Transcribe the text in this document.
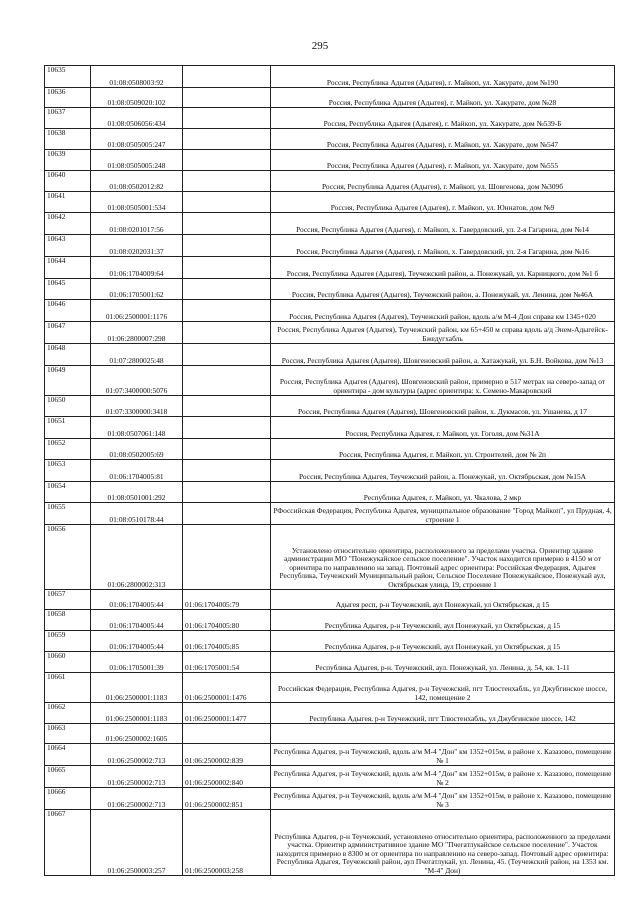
295
10635	01:08:0508003:92		Россия, Республика Адыгея (Адыгея), г. Майкоп, ул. Хакурате, дом №190
10636	01:08:0509020:102		Россия, Республика Адыгея (Адыгея), г. Майкоп, ул. Хакурате, дом №28
10637	01:08:0506056:434		Россия, Республика Адыгея (Адыгея), г. Майкоп, ул. Хакурате, дом №539-Б
10638	01:08:0505005:247		Россия, Республика Адыгея (Адыгея), г. Майкоп, ул. Хакурате, дом №547
10639	01:08:0505005:248		Россия, Республика Адыгея (Адыгея), г. Майкоп, ул. Хакурате, дом №555
10640	01:08:0502012:82		Россия, Республика Адыгея (Адыгея), г. Майкоп, ул. Шовгенова, дом №309б
10641	01:08:0505001:534		Россия, Республика Адыгея (Адыгея), г. Майкоп, ул. Юннатов, дом №9
10642	01:08:0201017:56		Россия, Республика Адыгея (Адыгея), г. Майкоп, х. Гавердовский, ул. 2-я Гагарина, дом №14
10643	01:08:0202031:37		Россия, Республика Адыгея (Адыгея), г. Майкоп, х. Гавердовский, ул. 2-я Гагарина, дом №16
10644	01:06:1704009:64		Россия, Республика Адыгея (Адыгея), Теучежский район, а. Понежукай, ул. Карницкого, дом №1 б
10645	01:06:1705001:62		Россия, Республика Адыгея (Адыгея), Теучежский район, а. Понежукай, ул. Ленина, дом №46А
10646	01:06:2500001:1176		Россия, Республика Адыгея (Адыгея), Теучежский район, вдоль а/м М-4 Дон справа км 1345+020
10647	01:06:2800007:298		Россия, Республика Адыгея (Адыгея), Теучежский район, км 65+450 м справа вдоль а/д Энем-Адыгейск-Бжедугхабль
10648	01:07:2800025:48		Россия, Республика Адыгея (Адыгея), Шовгеновский район, а. Хатажукай, ул. Б.Н. Войкова, дом №13
10649	01:07:3400000:5076		Россия, Республика Адыгея (Адыгея), Шовгеновский район, примерно в 517 метрах на северо-запад от ориентира - дом культуры (адрес ориентира: х. Семено-Макаровский
10650	01:07:3300000:3418		Россия, Республика Адыгея (Адыгея), Шовгеновский район, х. Дукмасов, ул. Ушанева, д 17
10651	01:08:0507061:148		Россия, Республика Адыгея, г. Майкоп, ул. Гоголя, дом №31А
10652	01:08:0502005:69		Россия, Республика Адыгея, г. Майкоп, ул. Строителей, дом № 2п
10653	01:06:1704005:81		Россия, Республика Адыгея, Теучежский район, а. Понежукай, ул. Октябрьская, дом №15А
10654	01:08:0501001:292		Республика Адыгея, г. Майкоп, ул. Чкалова, 2 мкр
10655	01:08:0510178:44		РФоссийская Федерация, Республика Адыгея, муниципальное образование "Город Майкоп", ул Прудная, 4, строение 1
10656	01:06:2800002:313		Установлено относительно ориентира, расположенного за пределами участка. Ориентир здание администрации МО "Понежукайское сельское поселение". Участок находится примерно в 4150 м от ориентира по направлению на запад. Почтовый адрес ориентира: Российская Федерация, Адыгея Республика, Теучежский Муниципальный район, Сельское Поселение Понежукайское, Понежукай аул, Октябрьская улица, 19, строение 1
10657	01:06:1704005:44	01:06:1704005:79	Адыгея респ, р-н Теучежский, аул Понежукай, ул Октябрьская, д 15
10658	01:06:1704005:44	01:06:1704005:80	Республика Адыгея, р-н Теучежский, аул Понежукай, ул Октябрьская, д 15
10659	01:06:1704005:44	01:06:1704005:85	Республика Адыгея, р-н Теучежский, аул Понежукай, ул Октябрьская, д 15
10660	01:06:1705001:39	01:06:1705001:54	Республика Адыгея, р-н. Теучежский, аул. Понежукай, ул. Ленина, д. 54, кв. 1-11
10661	01:06:2500001:1183	01:06:2500001:1476	Российская Федерация, Республика Адыгея, р-н Теучежский, пгт Тлюстенхабль, ул Джубгинское шоссе, 142, помещение 2
10662	01:06:2500001:1183	01:06:2500001:1477	Республика Адыгея, р-н Теучежский, пгт Тлюстенхабль, ул Джубгинское шоссе, 142
10663	01:06:2500002:1605		
10664	01:06:2500002:713	01:06:2500002:839	Республика Адыгея, р-н Теучежский, вдоль а/м М-4 "Дон" км 1352+015м, в районе х. Казазово, помещение № 1
10665	01:06:2500002:713	01:06:2500002:840	Республика Адыгея, р-н Теучежский, вдоль а/м М-4 "Дон" км 1352+015м, в районе х. Казазово, помещение № 2
10666	01:06:2500002:713	01:06:2500002:851	Республика Адыгея, р-н Теучежский, вдоль а/м М-4 "Дон" км 1352+015м, в районе х. Казазово, помещение № 3
10667	01:06:2500003:257	01:06:2500003:258	Республика Адыгея, р-н Теучежский, установлено относительно ориентира, расположенного за пределами участка. Ориентир административное здание МО "Пчегатлукайское сельское поселение". Участок находится примерно в 8300 м от ориентира по направлению на северо-запад. Почтовый адрес ориентира: Республика Адыгея, Теучежский район, аул Пчегатлукай, ул. Ленина, 45. (Теучежский район, на 1353 км. "М-4" Дон)
